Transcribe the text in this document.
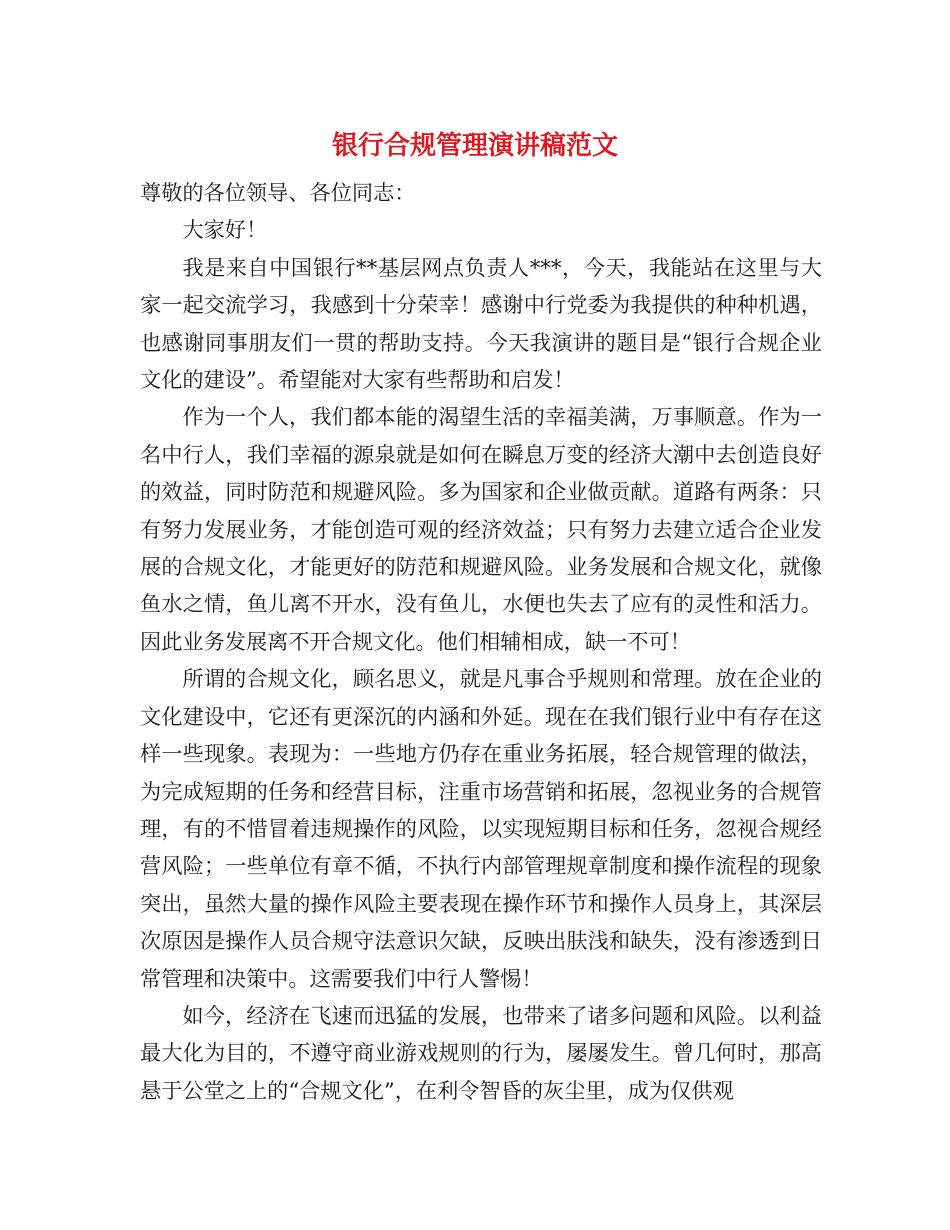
银行合规管理演讲稿范文

尊敬的各位领导、各位同志：

大家好！

我是来自中国银行**基层网点负责人***，今天，我能站在这里与大家一起交流学习，我感到十分荣幸！感谢中行党委为我提供的种种机遇，也感谢同事朋友们一贯的帮助支持。今天我演讲的题目是“银行合规企业文化的建设”。希望能对大家有些帮助和启发！

作为一个人，我们都本能的渴望生活的幸福美满，万事顺意。作为一名中行人，我们幸福的源泉就是如何在瞬息万变的经济大潮中去创造良好的效益，同时防范和规避风险。多为国家和企业做贡献。道路有两条：只有努力发展业务，才能创造可观的经济效益；只有努力去建立适合企业发展的合规文化，才能更好的防范和规避风险。业务发展和合规文化，就像鱼水之情，鱼儿离不开水，没有鱼儿，水便也失去了应有的灵性和活力。因此业务发展离不开合规文化。他们相辅相成，缺一不可！

所谓的合规文化，顾名思义，就是凡事合乎规则和常理。放在企业的文化建设中，它还有更深沉的内涵和外延。现在在我们银行业中有存在这样一些现象。表现为：一些地方仍存在重业务拓展，轻合规管理的做法，为完成短期的任务和经营目标，注重市场营销和拓展，忽视业务的合规管理，有的不惜冒着违规操作的风险，以实现短期目标和任务，忽视合规经营风险；一些单位有章不循，不执行内部管理规章制度和操作流程的现象突出，虽然大量的操作风险主要表现在操作环节和操作人员身上，其深层次原因是操作人员合规守法意识欠缺，反映出肤浅和缺失，没有渗透到日常管理和决策中。这需要我们中行人警惕！

如今，经济在飞速而迅猛的发展，也带来了诸多问题和风险。以利益最大化为目的，不遵守商业游戏规则的行为，屡屡发生。曾几何时，那高悬于公堂之上的“合规文化”，在利令智昏的灰尘里，成为仅供观
